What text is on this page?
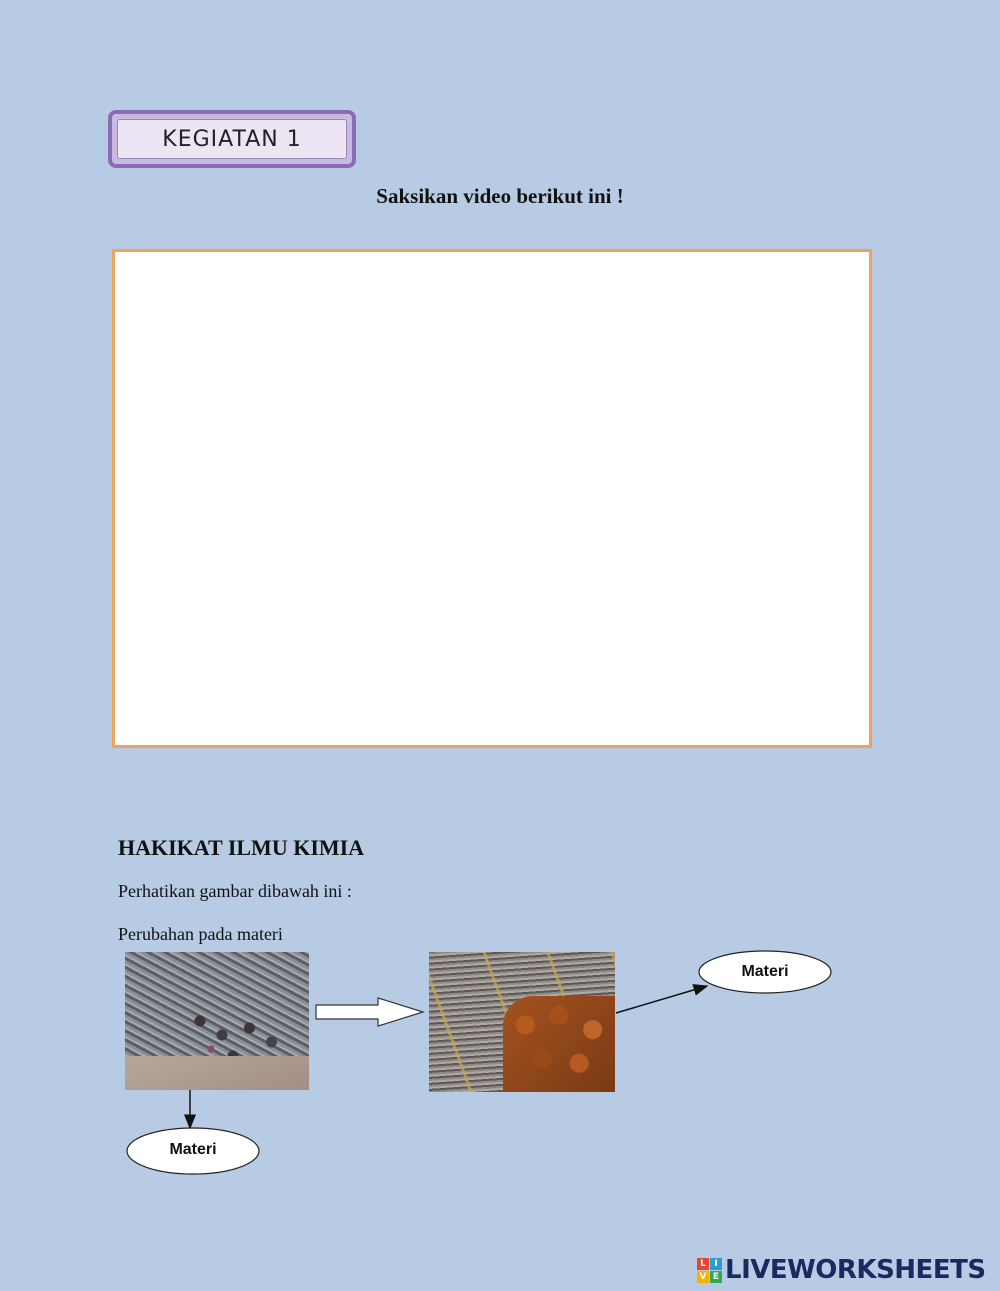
KEGIATAN 1
Saksikan video berikut ini !
HAKIKAT ILMU KIMIA
Perhatikan gambar dibawah ini :
Perubahan pada materi
Materi
Materi
L I
V E LIVEWORKSHEETS
